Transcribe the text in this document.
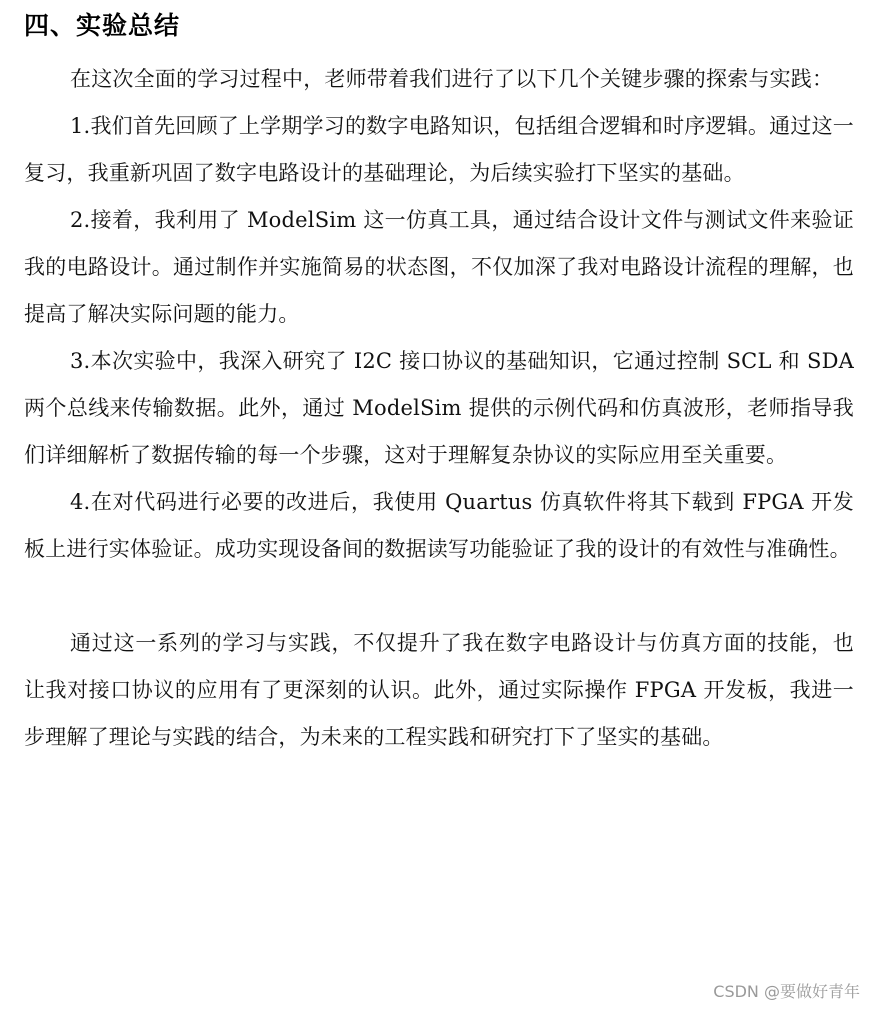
四、实验总结

在这次全面的学习过程中，老师带着我们进行了以下几个关键步骤的探索与实践：

1.我们首先回顾了上学期学习的数字电路知识，包括组合逻辑和时序逻辑。通过这一复习，我重新巩固了数字电路设计的基础理论，为后续实验打下坚实的基础。

2.接着，我利用了 ModelSim 这一仿真工具，通过结合设计文件与测试文件来验证我的电路设计。通过制作并实施简易的状态图，不仅加深了我对电路设计流程的理解，也提高了解决实际问题的能力。

3.本次实验中，我深入研究了 I2C 接口协议的基础知识，它通过控制 SCL 和 SDA 两个总线来传输数据。此外，通过 ModelSim 提供的示例代码和仿真波形，老师指导我们详细解析了数据传输的每一个步骤，这对于理解复杂协议的实际应用至关重要。

4.在对代码进行必要的改进后，我使用 Quartus 仿真软件将其下载到 FPGA 开发板上进行实体验证。成功实现设备间的数据读写功能验证了我的设计的有效性与准确性。

通过这一系列的学习与实践，不仅提升了我在数字电路设计与仿真方面的技能，也让我对接口协议的应用有了更深刻的认识。此外，通过实际操作 FPGA 开发板，我进一步理解了理论与实践的结合，为未来的工程实践和研究打下了坚实的基础。

CSDN @要做好青年
